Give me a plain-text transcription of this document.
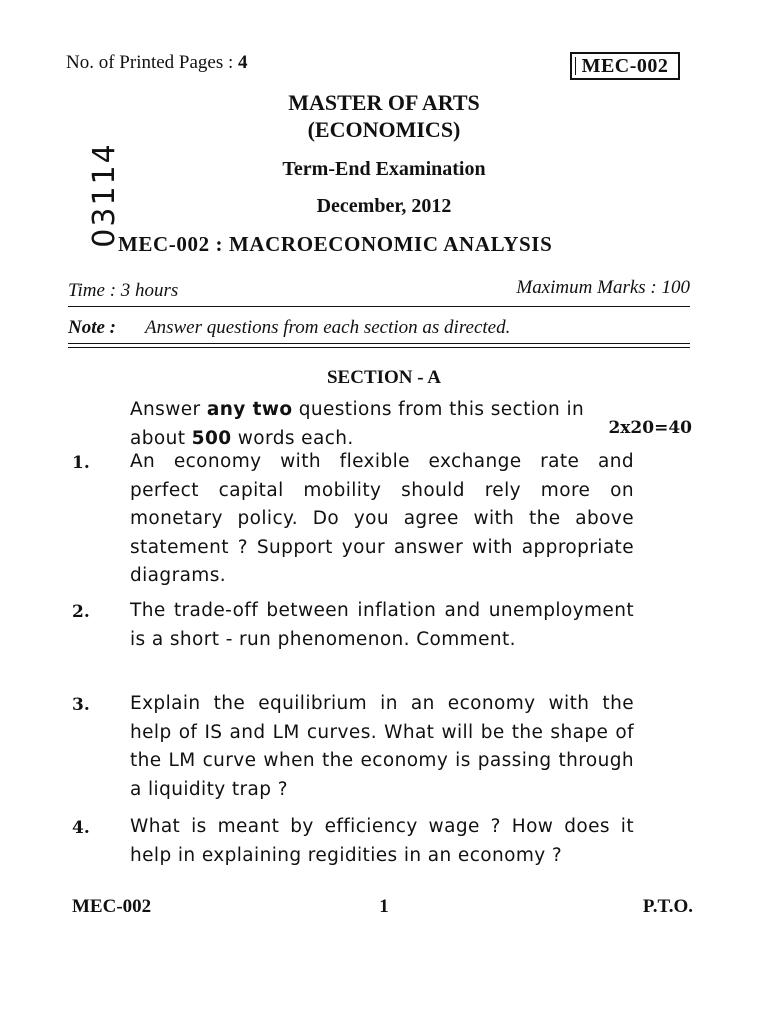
No. of Printed Pages : 4	MEC-002
03114
MASTER OF ARTS
(ECONOMICS)
Term-End Examination
December, 2012
MEC-002 : MACROECONOMIC ANALYSIS
Time : 3 hours	Maximum Marks : 100
Note : Answer questions from each section as directed.
SECTION - A
Answer any two questions from this section in about 500 words each.	2x20=40
1. An economy with flexible exchange rate and perfect capital mobility should rely more on monetary policy. Do you agree with the above statement ? Support your answer with appropriate diagrams.
2. The trade-off between inflation and unemployment is a short - run phenomenon. Comment.
3. Explain the equilibrium in an economy with the help of IS and LM curves. What will be the shape of the LM curve when the economy is passing through a liquidity trap ?
4. What is meant by efficiency wage ? How does it help in explaining regidities in an economy ?
MEC-002	1	P.T.O.
